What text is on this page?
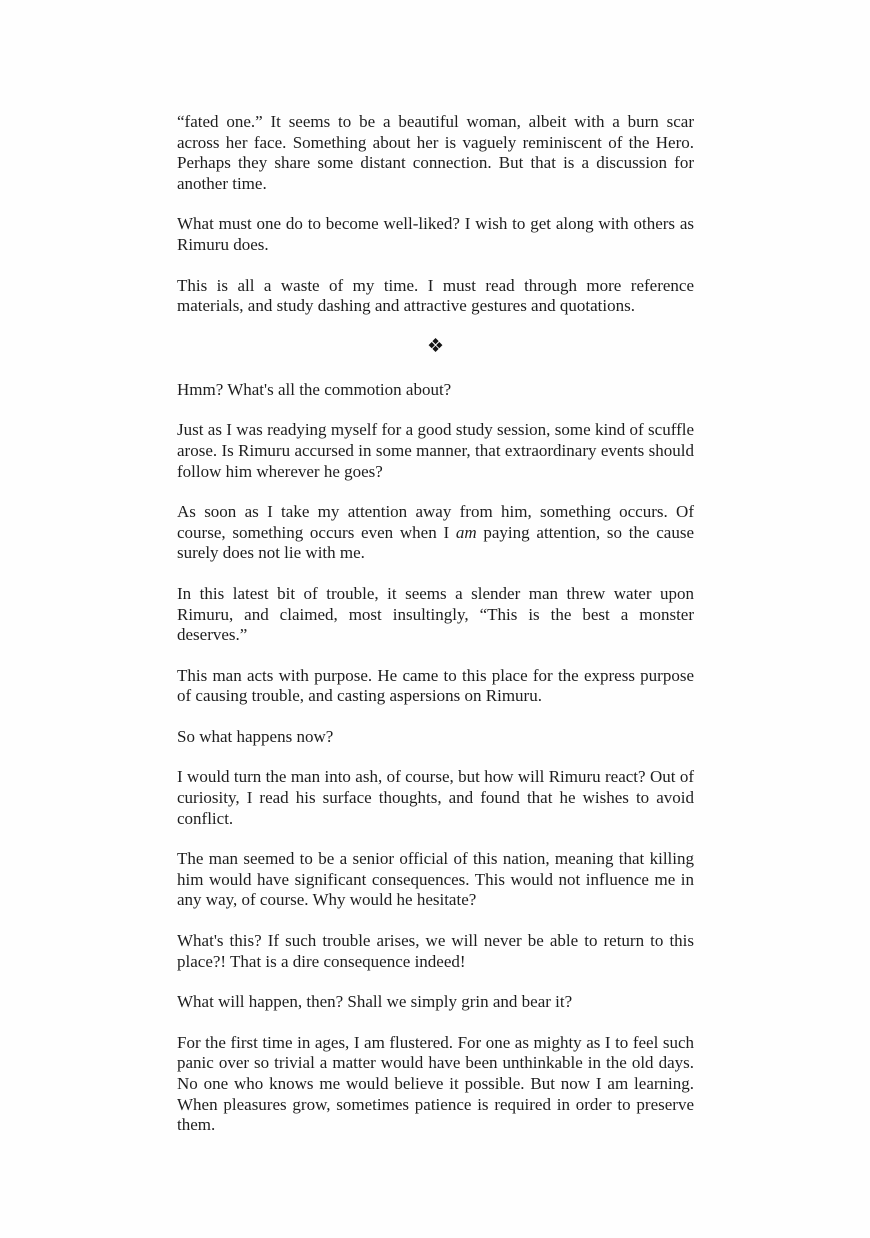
“fated one.” It seems to be a beautiful woman, albeit with a burn scar across her face. Something about her is vaguely reminiscent of the Hero. Perhaps they share some distant connection. But that is a discussion for another time.

What must one do to become well-liked? I wish to get along with others as Rimuru does.

This is all a waste of my time. I must read through more reference materials, and study dashing and attractive gestures and quotations.

❖

Hmm? What's all the commotion about?

Just as I was readying myself for a good study session, some kind of scuffle arose. Is Rimuru accursed in some manner, that extraordinary events should follow him wherever he goes?

As soon as I take my attention away from him, something occurs. Of course, something occurs even when I am paying attention, so the cause surely does not lie with me.

In this latest bit of trouble, it seems a slender man threw water upon Rimuru, and claimed, most insultingly, “This is the best a monster deserves.”

This man acts with purpose. He came to this place for the express purpose of causing trouble, and casting aspersions on Rimuru.

So what happens now?

I would turn the man into ash, of course, but how will Rimuru react? Out of curiosity, I read his surface thoughts, and found that he wishes to avoid conflict.

The man seemed to be a senior official of this nation, meaning that killing him would have significant consequences. This would not influence me in any way, of course. Why would he hesitate?

What's this? If such trouble arises, we will never be able to return to this place?! That is a dire consequence indeed!

What will happen, then? Shall we simply grin and bear it?

For the first time in ages, I am flustered. For one as mighty as I to feel such panic over so trivial a matter would have been unthinkable in the old days. No one who knows me would believe it possible. But now I am learning. When pleasures grow, sometimes patience is required in order to preserve them.
